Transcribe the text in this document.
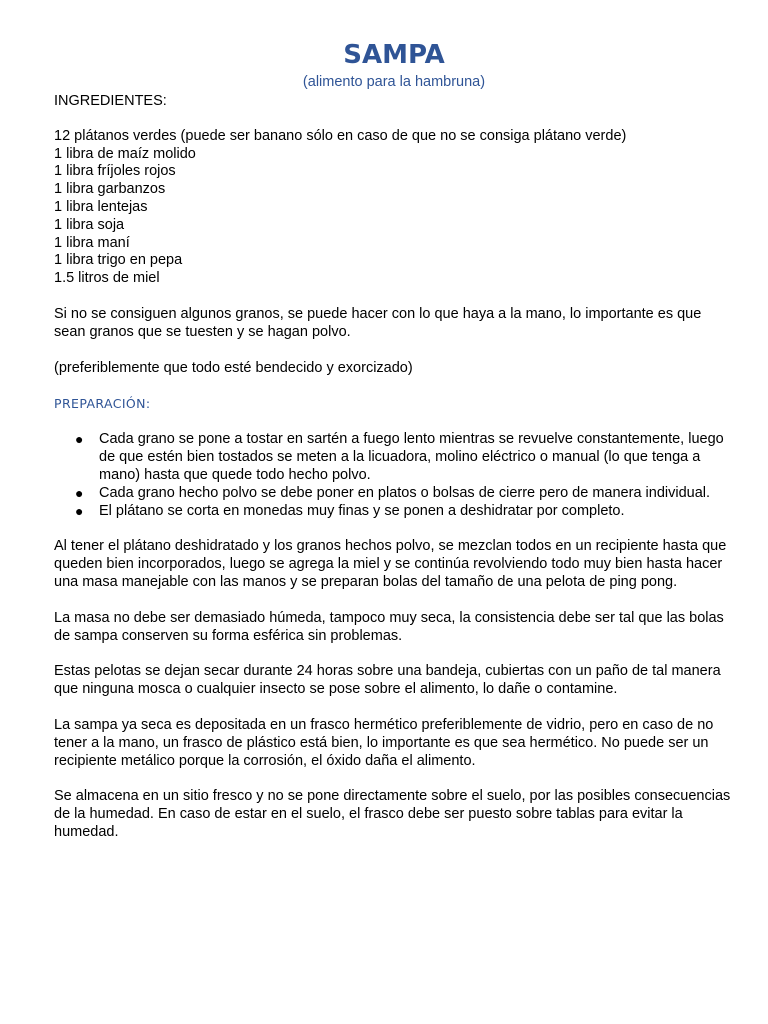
SAMPA

(alimento para la hambruna)

INGREDIENTES:

12 plátanos verdes (puede ser banano sólo en caso de que no se consiga plátano verde)
1 libra de maíz molido
1 libra fríjoles rojos
1 libra garbanzos
1 libra lentejas
1 libra soja
1 libra maní
1 libra trigo en pepa
1.5 litros de miel

Si no se consiguen algunos granos, se puede hacer con lo que haya a la mano, lo importante es que sean granos que se tuesten y se hagan polvo.

(preferiblemente que todo esté bendecido y exorcizado)

PREPARACIÓN:

● Cada grano se pone a tostar en sartén a fuego lento mientras se revuelve constantemente, luego de que estén bien tostados se meten a la licuadora, molino eléctrico o manual (lo que tenga a mano) hasta que quede todo hecho polvo.
● Cada grano hecho polvo se debe poner en platos o bolsas de cierre pero de manera individual.
● El plátano se corta en monedas muy finas y se ponen a deshidratar por completo.

Al tener el plátano deshidratado y los granos hechos polvo, se mezclan todos en un recipiente hasta que queden bien incorporados, luego se agrega la miel y se continúa revolviendo todo muy bien hasta hacer una masa manejable con las manos y se preparan bolas del tamaño de una pelota de ping pong.

La masa no debe ser demasiado húmeda, tampoco muy seca, la consistencia debe ser tal que las bolas de sampa conserven su forma esférica sin problemas.

Estas pelotas se dejan secar durante 24 horas sobre una bandeja, cubiertas con un paño de tal manera que ninguna mosca o cualquier insecto se pose sobre el alimento, lo dañe o contamine.

La sampa ya seca es depositada en un frasco hermético preferiblemente de vidrio, pero en caso de no tener a la mano, un frasco de plástico está bien, lo importante es que sea hermético. No puede ser un recipiente metálico porque la corrosión, el óxido daña el alimento.

Se almacena en un sitio fresco y no se pone directamente sobre el suelo, por las posibles consecuencias de la humedad. En caso de estar en el suelo, el frasco debe ser puesto sobre tablas para evitar la humedad.
